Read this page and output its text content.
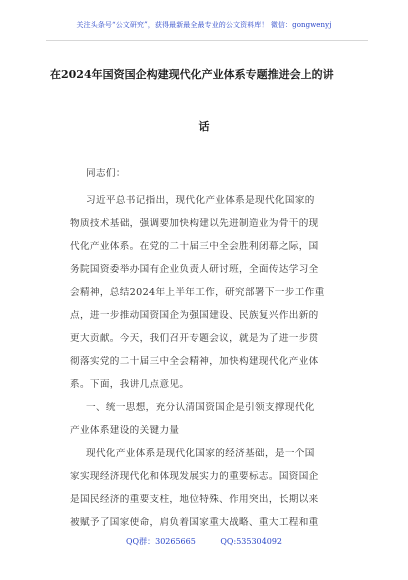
关注头条号“公文研究”，获得最新最全最专业的公文资料库！ 微信：gongwenyj
在2024年国资国企构建现代化产业体系专题推进会上的讲
话
同志们：
习近平总书记指出，现代化产业体系是现代化国家的
物质技术基础，强调要加快构建以先进制造业为骨干的现
代化产业体系。在党的二十届三中全会胜利闭幕之际，国
务院国资委举办国有企业负责人研讨班，全面传达学习全
会精神，总结2024年上半年工作，研究部署下一步工作重
点，进一步推动国资国企为强国建设、民族复兴作出新的
更大贡献。今天，我们召开专题会议，就是为了进一步贯
彻落实党的二十届三中全会精神，加快构建现代化产业体
系。下面，我讲几点意见。
一、统一思想，充分认清国资国企是引领支撑现代化
产业体系建设的关键力量
现代化产业体系是现代化国家的经济基础，是一个国
家实现经济现代化和体现发展实力的重要标志。国资国企
是国民经济的重要支柱，地位特殊、作用突出，长期以来
被赋予了国家使命，肩负着国家重大战略、重大工程和重
QQ群：30265665	QQ:535304092
